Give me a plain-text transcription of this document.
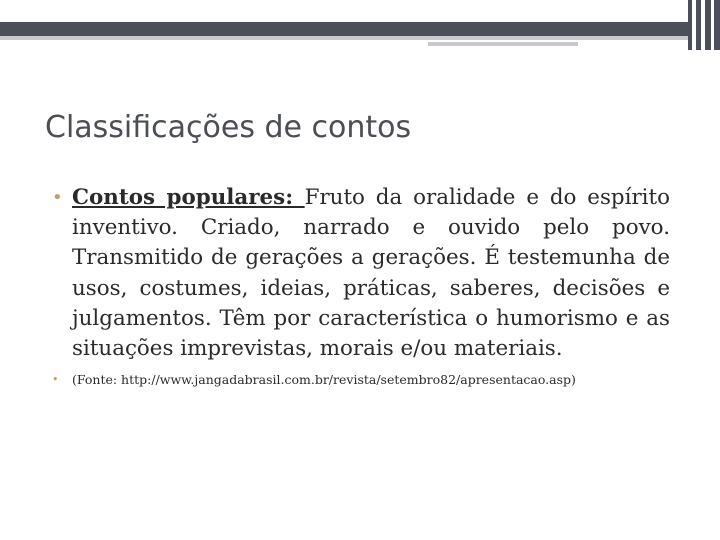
Classificações de contos
• Contos populares: Fruto da oralidade e do espírito inventivo. Criado, narrado e ouvido pelo povo. Transmitido de gerações a gerações. É testemunha de usos, costumes, ideias, práticas, saberes, decisões e julgamentos. Têm por característica o humorismo e as situações imprevistas, morais e/ou materiais.
• (Fonte: http://www.jangadabrasil.com.br/revista/setembro82/apresentacao.asp)
